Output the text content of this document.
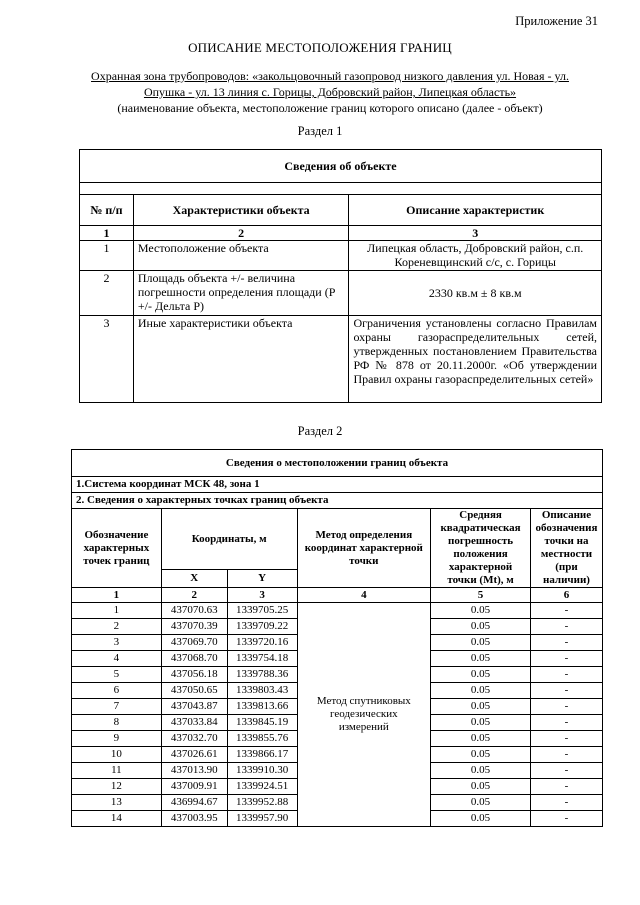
Приложение 31
ОПИСАНИЕ МЕСТОПОЛОЖЕНИЯ ГРАНИЦ
Охранная зона трубопроводов: «закольцовочный газопровод низкого давления ул. Новая - ул.
Опушка - ул. 13 линия с. Горицы, Добровский район, Липецкая область»
(наименование объекта, местоположение границ которого описано (далее - объект)
Раздел 1
Сведения об объекте		

№ п/п	Характеристики объекта	Описание характеристик
1	2	3
1	Местоположение объекта	Липецкая область, Добровский район, с.п. Кореневщинский с/с, с. Горицы
2	Площадь объекта +/- величина погрешности определения площади (Р +/- Дельта Р)	2330 кв.м ± 8 кв.м
3	Иные характеристики объекта	Ограничения установлены согласно Правилам охраны газораспределительных сетей, утвержденных постановлением Правительства РФ № 878 от 20.11.2000г. «Об утверждении Правил охраны газораспределительных сетей»
Раздел 2
Сведения о местоположении границ объекта					
1.Система координат МСК 48, зона 1					
2. Сведения о характерных точках границ объекта					
Обозначение характерных точек границ	Координаты, м		Метод определения координат характерной точки	Средняя квадратическая погрешность положения характерной точки (Mt), м	Описание обозначения точки на местности (при наличии)
	X	Y			
1	2	3	4	5	6
1	437070.63	1339705.25	Метод спутниковых геодезических измерений	0.05	-
2	437070.39	1339709.22		0.05	-
3	437069.70	1339720.16		0.05	-
4	437068.70	1339754.18		0.05	-
5	437056.18	1339788.36		0.05	-
6	437050.65	1339803.43		0.05	-
7	437043.87	1339813.66		0.05	-
8	437033.84	1339845.19		0.05	-
9	437032.70	1339855.76		0.05	-
10	437026.61	1339866.17		0.05	-
11	437013.90	1339910.30		0.05	-
12	437009.91	1339924.51		0.05	-
13	436994.67	1339952.88		0.05	-
14	437003.95	1339957.90		0.05	-
